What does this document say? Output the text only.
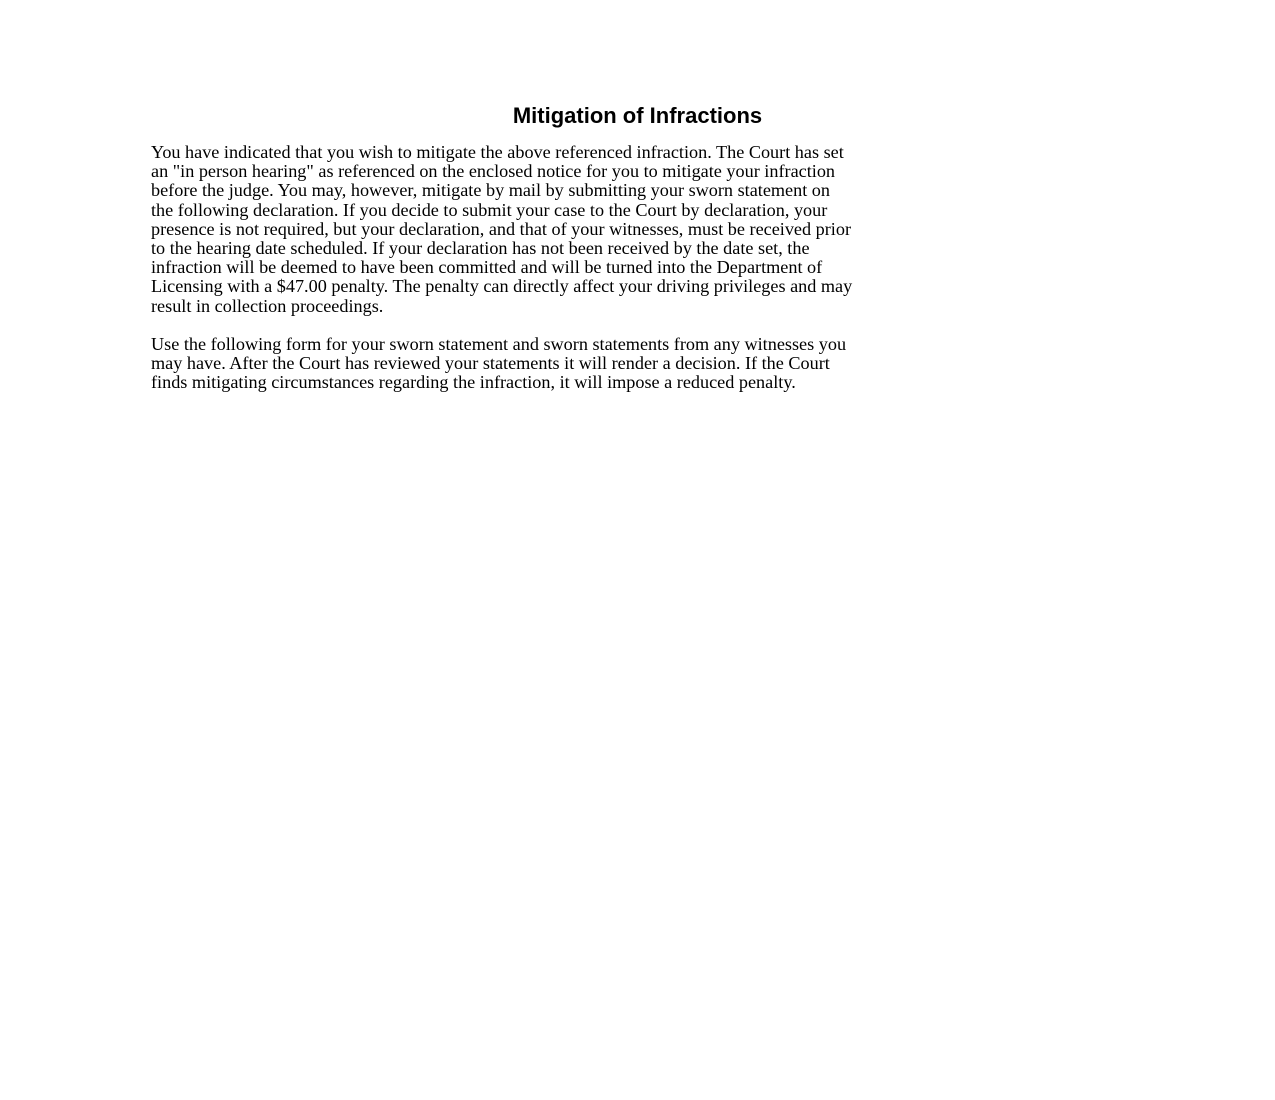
Mitigation of Infractions

You have indicated that you wish to mitigate the above referenced infraction. The Court has set
an "in person hearing" as referenced on the enclosed notice for you to mitigate your infraction
before the judge. You may, however, mitigate by mail by submitting your sworn statement on
the following declaration. If you decide to submit your case to the Court by declaration, your
presence is not required, but your declaration, and that of your witnesses, must be received prior
to the hearing date scheduled. If your declaration has not been received by the date set, the
infraction will be deemed to have been committed and will be turned into the Department of
Licensing with a $47.00 penalty. The penalty can directly affect your driving privileges and may
result in collection proceedings.

Use the following form for your sworn statement and sworn statements from any witnesses you
may have. After the Court has reviewed your statements it will render a decision. If the Court
finds mitigating circumstances regarding the infraction, it will impose a reduced penalty.
